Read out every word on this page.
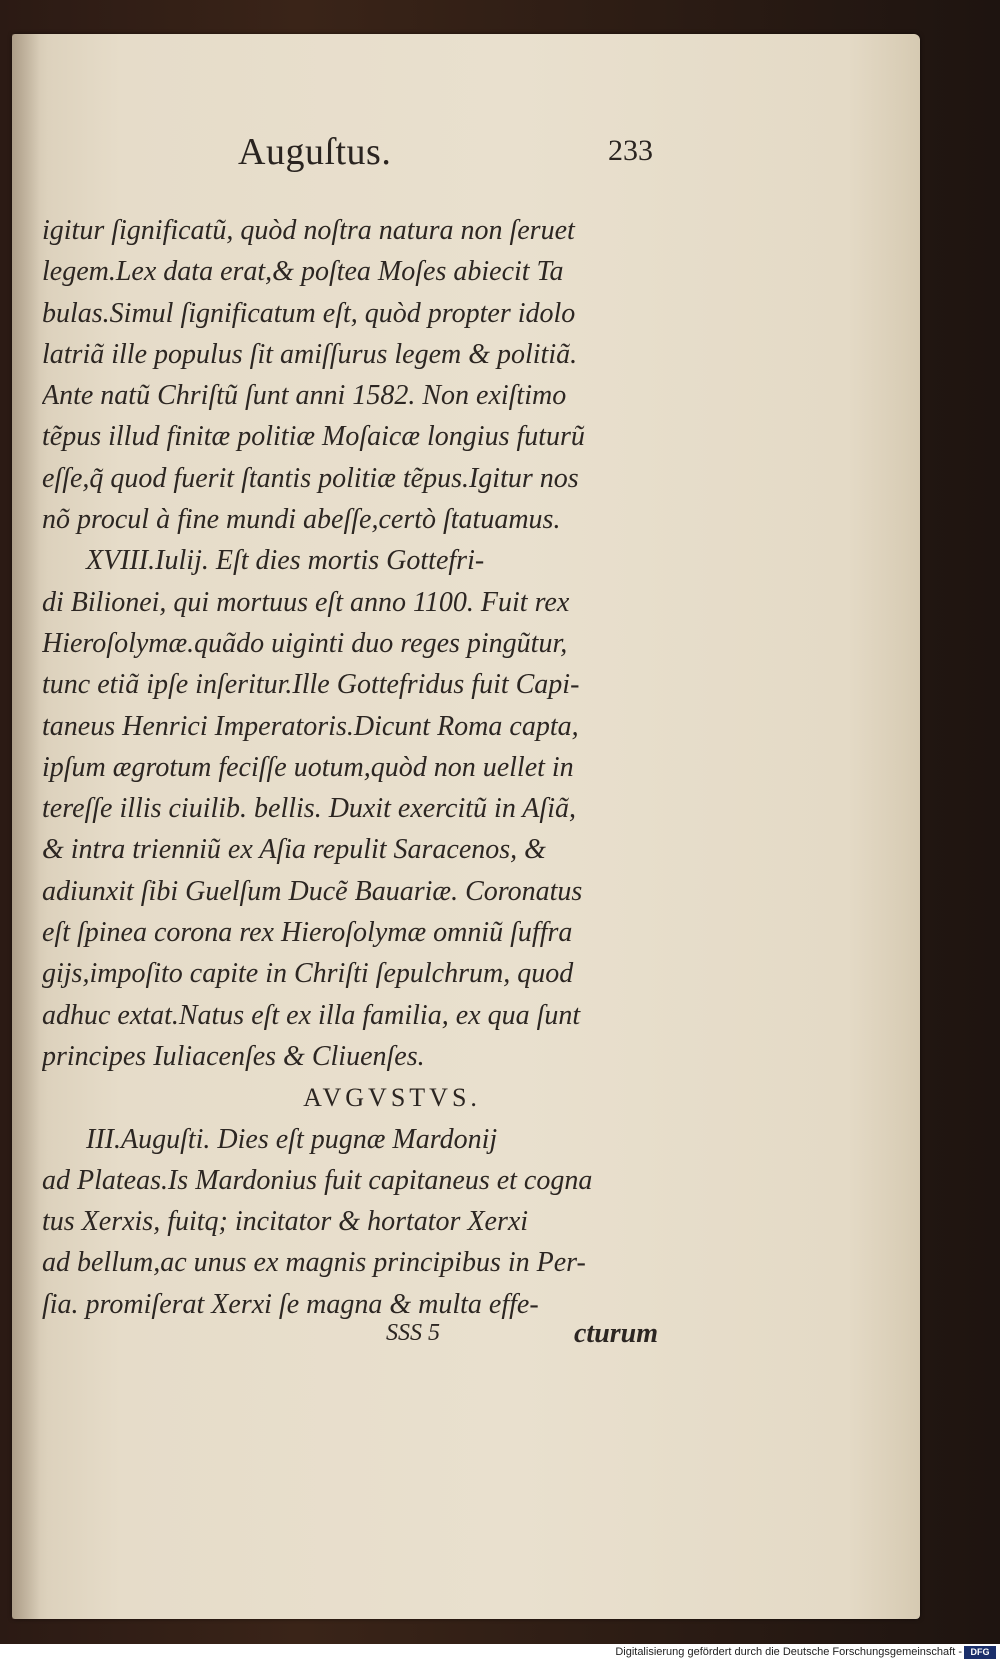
Auguſtus.	233
igitur ſignificatũ, quòd noſtra natura non ſeruet
legem.Lex data erat,& poſtea Moſes abiecit Ta
bulas.Simul ſignificatum eſt, quòd propter idolo
latriã ille populus ſit amiſſurus legem & politiã.
Ante natũ Chriſtũ ſunt anni 1582. Non exiſtimo
tẽpus illud finitæ politiæ Moſaicæ longius futurũ
eſſe,q̃ quod fuerit ſtantis politiæ tẽpus.Igitur nos
nõ procul à fine mundi abeſſe,certò ſtatuamus.
XVIII.Iulij. Eſt dies mortis Gottefri-
di Bilionei, qui mortuus eſt anno 1100. Fuit rex
Hieroſolymæ.quãdo uiginti duo reges pingũtur,
tunc etiã ipſe inſeritur.Ille Gottefridus fuit Capi-
taneus Henrici Imperatoris.Dicunt Roma capta,
ipſum ægrotum feciſſe uotum,quòd non uellet in
tereſſe illis ciuilib. bellis. Duxit exercitũ in Aſiã,
& intra trienniũ ex Aſia repulit Saracenos, &
adiunxit ſibi Guelſum Ducẽ Bauariæ. Coronatus
eſt ſpinea corona rex Hieroſolymæ omniũ ſuffra
gijs,impoſito capite in Chriſti ſepulchrum, quod
adhuc extat.Natus eſt ex illa familia, ex qua ſunt
principes Iuliacenſes & Cliuenſes.
AVGVSTVS.
III.Auguſti. Dies eſt pugnæ Mardonij
ad Plateas.Is Mardonius fuit capitaneus et cogna
tus Xerxis, fuitq; incitator & hortator Xerxi
ad bellum,ac unus ex magnis principibus in Per-
ſia. promiſerat Xerxi ſe magna & multa effe-
SSS 5	cturum
Digitalisierung gefördert durch die Deutsche Forschungsgemeinschaft - DFG
